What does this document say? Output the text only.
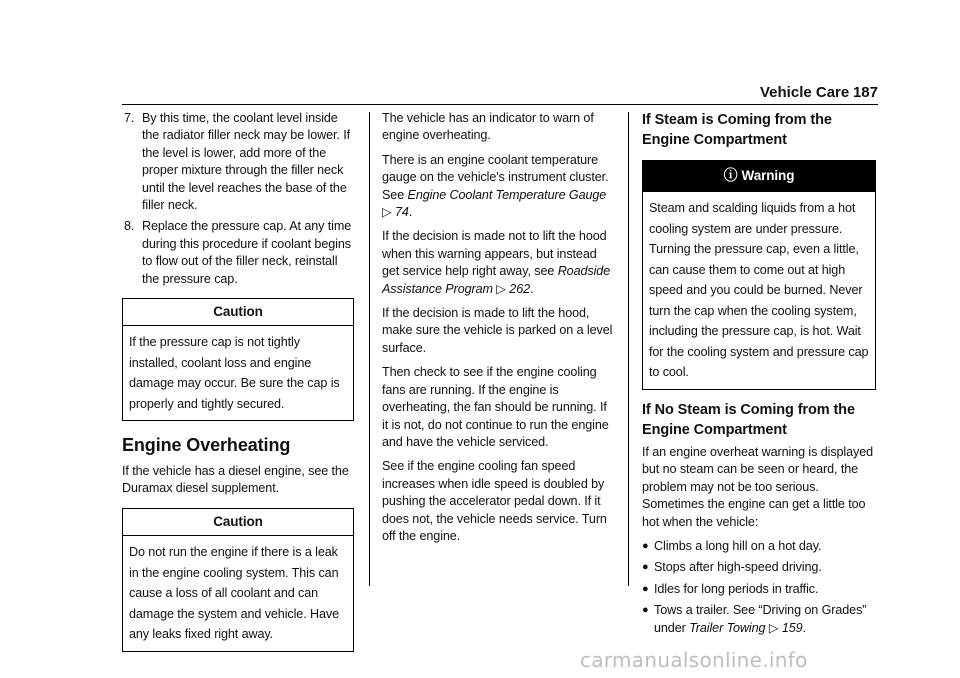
Vehicle Care 187
7. By this time, the coolant level inside the radiator filler neck may be lower. If the level is lower, add more of the proper mixture through the filler neck until the level reaches the base of the filler neck.
8. Replace the pressure cap. At any time during this procedure if coolant begins to flow out of the filler neck, reinstall the pressure cap.
Caution
If the pressure cap is not tightly installed, coolant loss and engine damage may occur. Be sure the cap is properly and tightly secured.
Engine Overheating

If the vehicle has a diesel engine, see the Duramax diesel supplement.

Caution
Do not run the engine if there is a leak in the engine cooling system. This can cause a loss of all coolant and can damage the system and vehicle. Have any leaks fixed right away.

The vehicle has an indicator to warn of engine overheating.

There is an engine coolant temperature gauge on the vehicle's instrument cluster. See Engine Coolant Temperature Gauge ▷ 74.

If the decision is made not to lift the hood when this warning appears, but instead get service help right away, see Roadside Assistance Program ▷ 262.

If the decision is made to lift the hood, make sure the vehicle is parked on a level surface.

Then check to see if the engine cooling fans are running. If the engine is overheating, the fan should be running. If it is not, do not continue to run the engine and have the vehicle serviced.

See if the engine cooling fan speed increases when idle speed is doubled by pushing the accelerator pedal down. If it does not, the vehicle needs service. Turn off the engine.

If Steam is Coming from the Engine Compartment
ⓘ Warning
Steam and scalding liquids from a hot cooling system are under pressure. Turning the pressure cap, even a little, can cause them to come out at high speed and you could be burned. Never turn the cap when the cooling system, including the pressure cap, is hot. Wait for the cooling system and pressure cap to cool.
If No Steam is Coming from the Engine Compartment

If an engine overheat warning is displayed but no steam can be seen or heard, the problem may not be too serious. Sometimes the engine can get a little too hot when the vehicle:

● Climbs a long hill on a hot day.
● Stops after high-speed driving.
● Idles for long periods in traffic.
● Tows a trailer. See “Driving on Grades” under Trailer Towing ▷ 159.
carmanualsonline.info
